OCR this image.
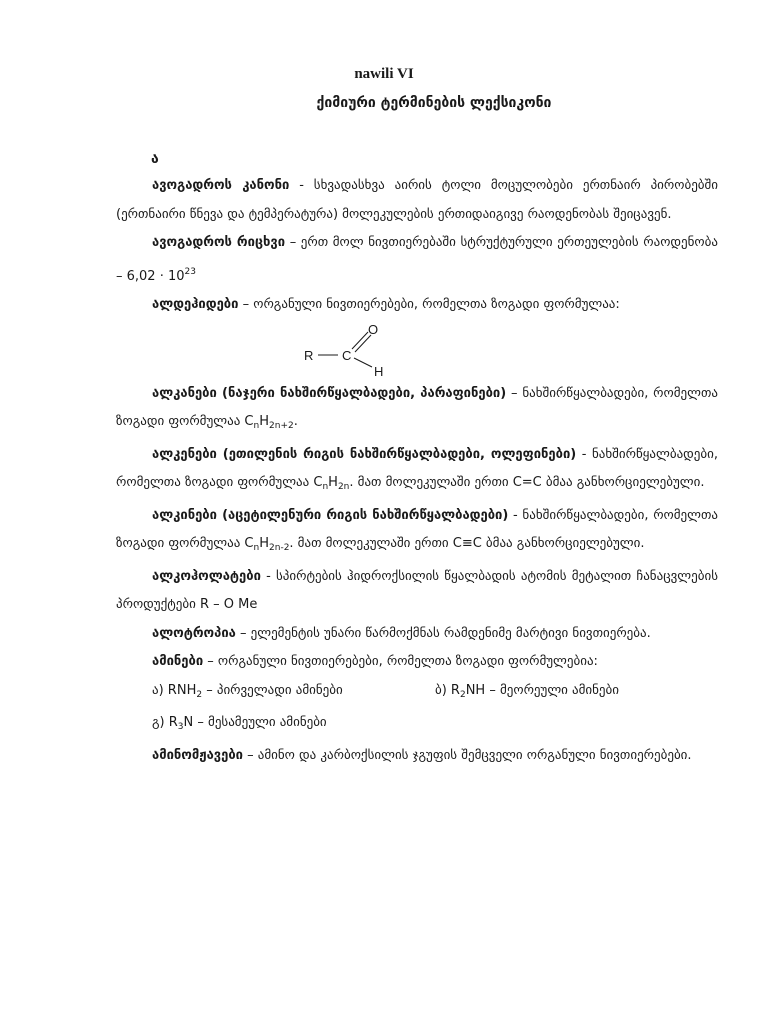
nawili VI
ქიმიური ტერმინების ლექსიკონი
ა

ავოგადროს კანონი - სხვადასხვა აირის ტოლი მოცულობები ერთნაირ პირობებში (ერთნაირი წნევა და ტემპერატურა) მოლეკულების ერთიდაიგივე რაოდენობას შეიცავენ.

ავოგადროს რიცხვი – ერთ მოლ ნივთიერებაში სტრუქტურული ერთეულების რაოდენობა – $6,02 \cdot 10^{23}$

ალდეჰიდები – ორგანული ნივთიერებები, რომელთა ზოგადი ფორმულაა:

R C
O
H

ალკანები (ნაჯერი ნახშირწყალბადები, პარაფინები) – ნახშირწყალბადები, რომელთა ზოგადი ფორმულაა $C_nH_{2n+2}$.

ალკენები (ეთილენის რიგის ნახშირწყალბადები, ოლეფინები) - ნახშირწყალბადები, რომელთა ზოგადი ფორმულაა $C_nH_{2n}$. მათ მოლეკულაში ერთი C=C ბმაა განხორციელებული.

ალკინები (აცეტილენური რიგის ნახშირწყალბადები) - ნახშირწყალბადები, რომელთა ზოგადი ფორმულაა $C_nH_{2n-2}$. მათ მოლეკულაში ერთი C≡C ბმაა განხორციელებული.

ალკოჰოლატები - სპირტების ჰიდროქსილის წყალბადის ატომის მეტალით ჩანაცვლების პროდუქტები R – O Me

ალოტროპია – ელემენტის უნარი წარმოქმნას რამდენიმე მარტივი ნივთიერება.

ამინები – ორგანული ნივთიერებები, რომელთა ზოგადი ფორმულებია:

ა) $RNH_2$ – პირველადი ამინები	ბ) $R_2NH$ – მეორეული ამინები
გ) $R_3N$ – მესამეული ამინები

ამინომჟავები – ამინო და კარბოქსილის ჯგუფის შემცველი ორგანული ნივთიერებები.
